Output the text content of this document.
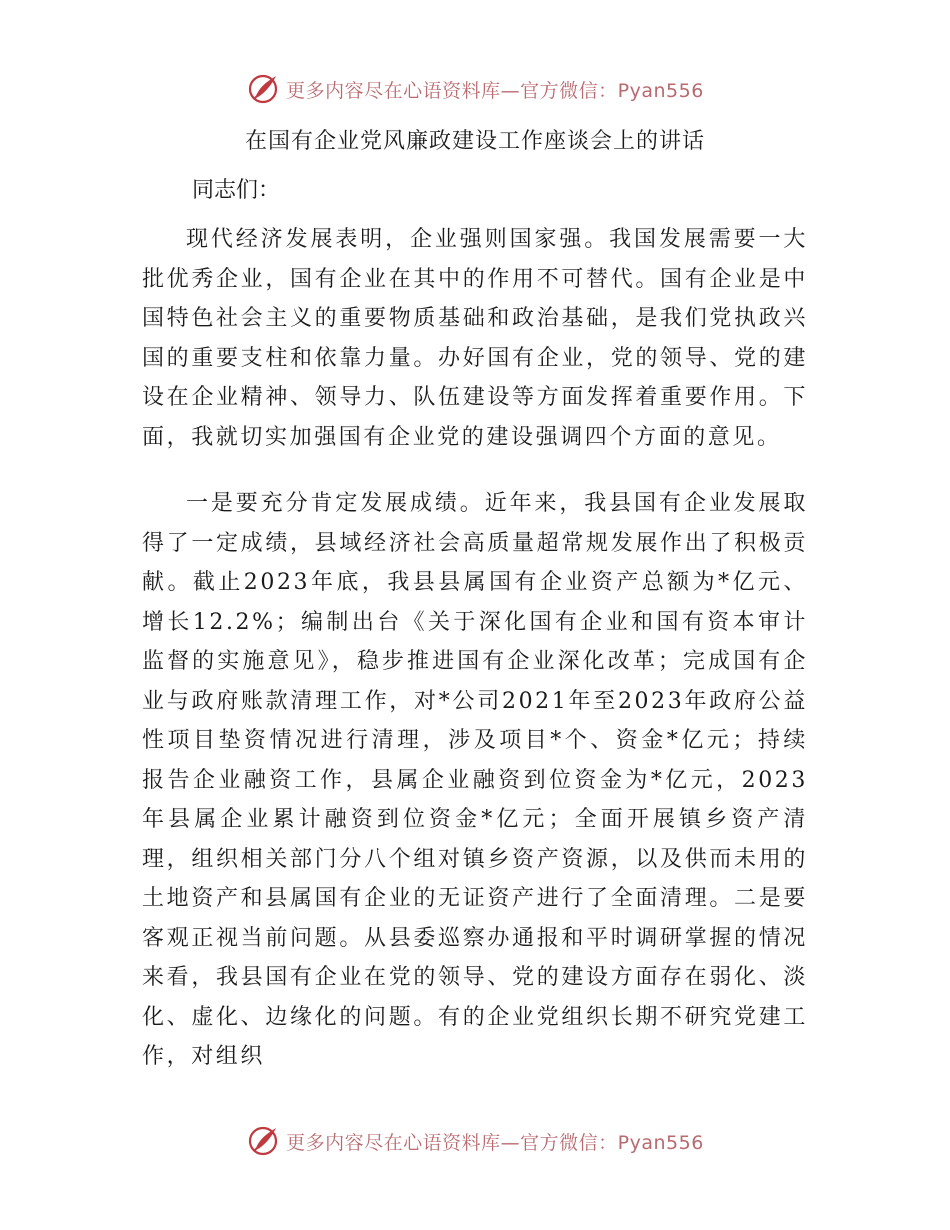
更多内容尽在心语资料库—官方微信：Pyan556
在国有企业党风廉政建设工作座谈会上的讲话

同志们：

现代经济发展表明，企业强则国家强。我国发展需要一大批优秀企业，国有企业在其中的作用不可替代。国有企业是中国特色社会主义的重要物质基础和政治基础，是我们党执政兴国的重要支柱和依靠力量。办好国有企业，党的领导、党的建设在企业精神、领导力、队伍建设等方面发挥着重要作用。下面，我就切实加强国有企业党的建设强调四个方面的意见。

一是要充分肯定发展成绩。近年来，我县国有企业发展取得了一定成绩，县域经济社会高质量超常规发展作出了积极贡献。截止2023年底，我县县属国有企业资产总额为*亿元、增长12.2%；编制出台《关于深化国有企业和国有资本审计监督的实施意见》，稳步推进国有企业深化改革；完成国有企业与政府账款清理工作，对*公司2021年至2023年政府公益性项目垫资情况进行清理，涉及项目*个、资金*亿元；持续报告企业融资工作，县属企业融资到位资金为*亿元，2023年县属企业累计融资到位资金*亿元；全面开展镇乡资产清理，组织相关部门分八个组对镇乡资产资源，以及供而未用的土地资产和县属国有企业的无证资产进行了全面清理。二是要客观正视当前问题。从县委巡察办通报和平时调研掌握的情况来看，我县国有企业在党的领导、党的建设方面存在弱化、淡化、虚化、边缘化的问题。有的企业党组织长期不研究党建工作，对组织

更多内容尽在心语资料库—官方微信：Pyan556
